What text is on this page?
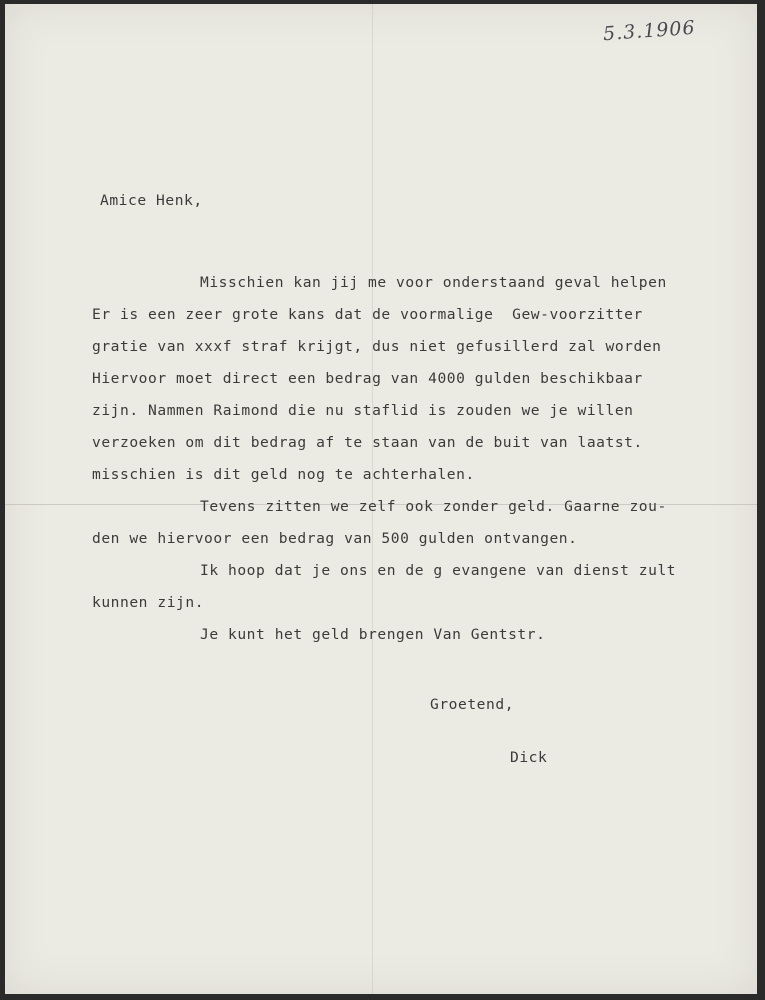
5.3.1906
Amice Henk,
Misschien kan jij me voor onderstaand geval helpen
Er is een zeer grote kans dat de voormalige  Gew-voorzitter
gratie van xxxf straf krijgt, dus niet gefusillerd zal worden
Hiervoor moet direct een bedrag van 4000 gulden beschikbaar
zijn. Nammen Raimond die nu staflid is zouden we je willen
verzoeken om dit bedrag af te staan van de buit van laatst.
misschien is dit geld nog te achterhalen.
Tevens zitten we zelf ook zonder geld. Gaarne zou-
den we hiervoor een bedrag van 500 gulden ontvangen.
Ik hoop dat je ons en de g evangene van dienst zult
kunnen zijn.
Je kunt het geld brengen Van Gentstr.
Groetend,
Dick
